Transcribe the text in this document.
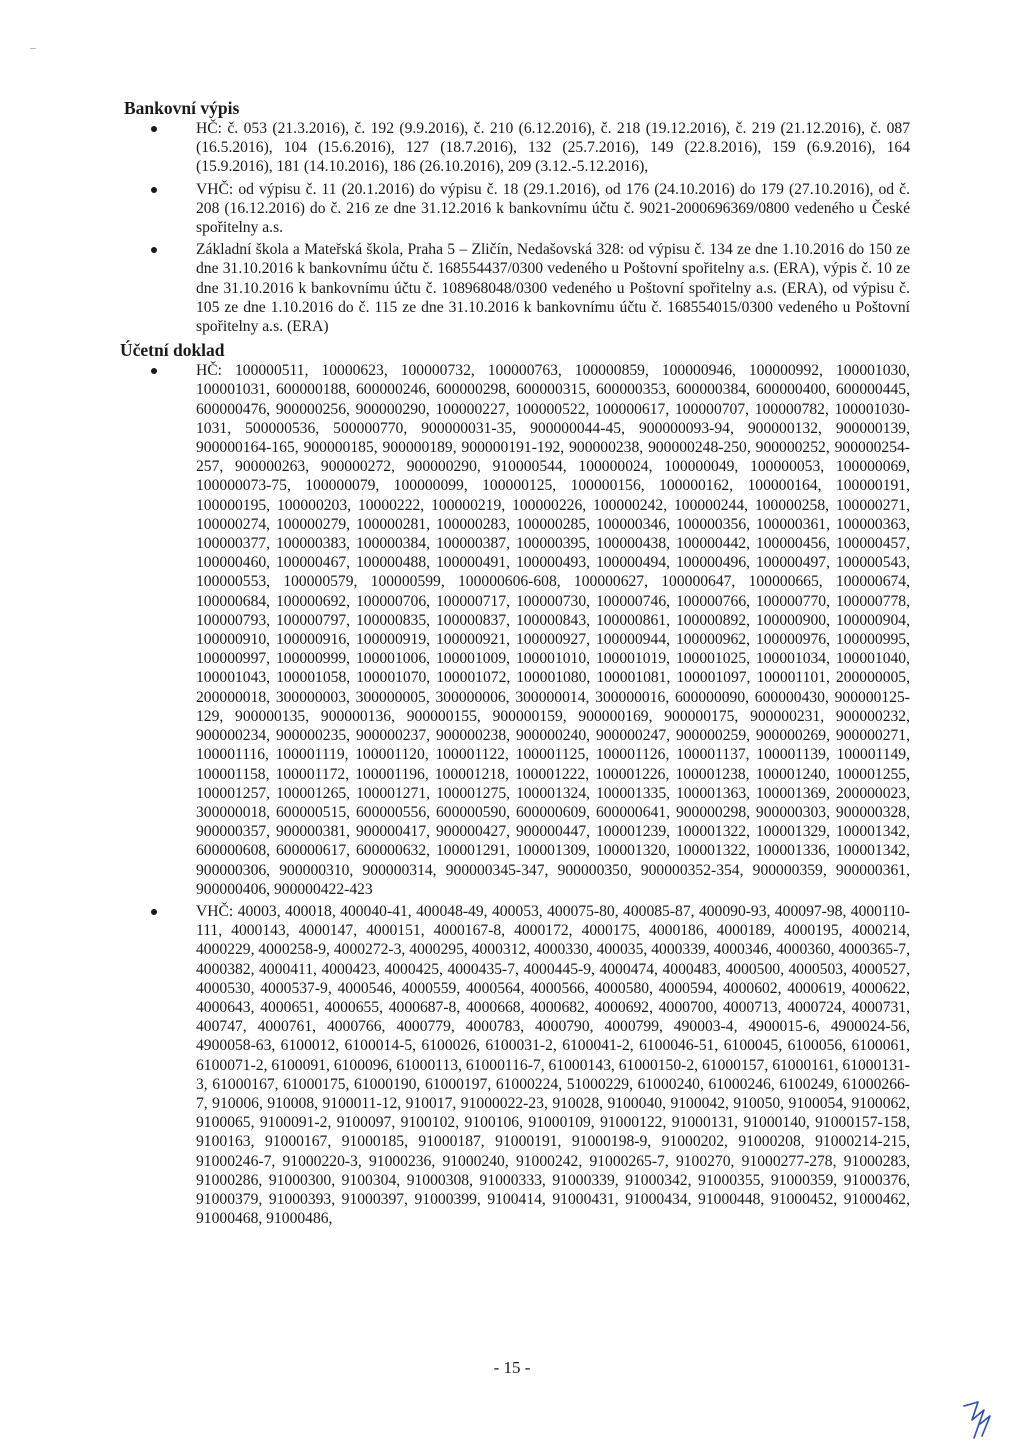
Bankovní výpis
HČ: č. 053 (21.3.2016), č. 192 (9.9.2016), č. 210 (6.12.2016), č. 218 (19.12.2016), č. 219 (21.12.2016), č. 087 (16.5.2016), 104 (15.6.2016), 127 (18.7.2016), 132 (25.7.2016), 149 (22.8.2016), 159 (6.9.2016), 164 (15.9.2016), 181 (14.10.2016), 186 (26.10.2016), 209 (3.12.-5.12.2016),
VHČ: od výpisu č. 11 (20.1.2016) do výpisu č. 18 (29.1.2016), od 176 (24.10.2016) do 179 (27.10.2016), od č. 208 (16.12.2016) do č. 216 ze dne 31.12.2016 k bankovnímu účtu č. 9021-2000696369/0800 vedeného u České spořitelny a.s.
Základní škola a Mateřská škola, Praha 5 – Zličín, Nedašovská 328: od výpisu č. 134 ze dne 1.10.2016 do 150 ze dne 31.10.2016 k bankovnímu účtu č. 168554437/0300 vedeného u Poštovní spořitelny a.s. (ERA), výpis č. 10 ze dne 31.10.2016 k bankovnímu účtu č. 108968048/0300 vedeného u Poštovní spořitelny a.s. (ERA), od výpisu č. 105 ze dne 1.10.2016 do č. 115 ze dne 31.10.2016 k bankovnímu účtu č. 168554015/0300 vedeného u Poštovní spořitelny a.s. (ERA)
Účetní doklad
HČ: 100000511, 10000623, 100000732, 100000763, 100000859, 100000946, 100000992, 100001030, 100001031, 600000188, 600000246, 600000298, 600000315, 600000353, 600000384, 600000400, 600000445, 600000476, 900000256, 900000290, 100000227, 100000522, 100000617, 100000707, 100000782, 100001030-1031, 500000536, 500000770, 900000031-35, 900000044-45, 900000093-94, 900000132, 900000139, 900000164-165, 900000185, 900000189, 900000191-192, 900000238, 900000248-250, 900000252, 900000254-257, 900000263, 900000272, 900000290, 910000544, 100000024, 100000049, 100000053, 100000069, 100000073-75, 100000079, 100000099, 100000125, 100000156, 100000162, 100000164, 100000191, 100000195, 100000203, 10000222, 100000219, 100000226, 100000242, 100000244, 100000258, 100000271, 100000274, 100000279, 100000281, 100000283, 100000285, 100000346, 100000356, 100000361, 100000363, 100000377, 100000383, 100000384, 100000387, 100000395, 100000438, 100000442, 100000456, 100000457, 100000460, 100000467, 100000488, 100000491, 100000493, 100000494, 100000496, 100000497, 100000543, 100000553, 100000579, 100000599, 100000606-608, 100000627, 100000647, 100000665, 100000674, 100000684, 100000692, 100000706, 100000717, 100000730, 100000746, 100000766, 100000770, 100000778, 100000793, 100000797, 100000835, 100000837, 100000843, 100000861, 100000892, 100000900, 100000904, 100000910, 100000916, 100000919, 100000921, 100000927, 100000944, 100000962, 100000976, 100000995, 100000997, 100000999, 100001006, 100001009, 100001010, 100001019, 100001025, 100001034, 100001040, 100001043, 100001058, 100001070, 100001072, 100001080, 100001081, 100001097, 100001101, 200000005, 200000018, 300000003, 300000005, 300000006, 300000014, 300000016, 600000090, 600000430, 900000125-129, 900000135, 900000136, 900000155, 900000159, 900000169, 900000175, 900000231, 900000232, 900000234, 900000235, 900000237, 900000238, 900000240, 900000247, 900000259, 900000269, 900000271, 100001116, 100001119, 100001120, 100001122, 100001125, 100001126, 100001137, 100001139, 100001149, 100001158, 100001172, 100001196, 100001218, 100001222, 100001226, 100001238, 100001240, 100001255, 100001257, 100001265, 100001271, 100001275, 100001324, 100001335, 100001363, 100001369, 200000023, 300000018, 600000515, 600000556, 600000590, 600000609, 600000641, 900000298, 900000303, 900000328, 900000357, 900000381, 900000417, 900000427, 900000447, 100001239, 100001322, 100001329, 100001342, 600000608, 600000617, 600000632, 100001291, 100001309, 100001320, 100001322, 100001336, 100001342, 900000306, 900000310, 900000314, 900000345-347, 900000350, 900000352-354, 900000359, 900000361, 900000406, 900000422-423
VHČ: 40003, 400018, 400040-41, 400048-49, 400053, 400075-80, 400085-87, 400090-93, 400097-98, 4000110-111, 4000143, 4000147, 4000151, 4000167-8, 4000172, 4000175, 4000186, 4000189, 4000195, 4000214, 4000229, 4000258-9, 4000272-3, 4000295, 4000312, 4000330, 400035, 4000339, 4000346, 4000360, 4000365-7, 4000382, 4000411, 4000423, 4000425, 4000435-7, 4000445-9, 4000474, 4000483, 4000500, 4000503, 4000527, 4000530, 4000537-9, 4000546, 4000559, 4000564, 4000566, 4000580, 4000594, 4000602, 4000619, 4000622, 4000643, 4000651, 4000655, 4000687-8, 4000668, 4000682, 4000692, 4000700, 4000713, 4000724, 4000731, 400747, 4000761, 4000766, 4000779, 4000783, 4000790, 4000799, 490003-4, 4900015-6, 4900024-56, 4900058-63, 6100012, 6100014-5, 6100026, 6100031-2, 6100041-2, 6100046-51, 6100045, 6100056, 6100061, 6100071-2, 6100091, 6100096, 61000113, 61000116-7, 61000143, 61000150-2, 61000157, 61000161, 61000131-3, 61000167, 61000175, 61000190, 61000197, 61000224, 51000229, 61000240, 61000246, 6100249, 61000266-7, 910006, 910008, 9100011-12, 910017, 91000022-23, 910028, 9100040, 9100042, 910050, 9100054, 9100062, 9100065, 9100091-2, 9100097, 9100102, 9100106, 91000109, 91000122, 91000131, 91000140, 91000157-158, 9100163, 91000167, 91000185, 91000187, 91000191, 91000198-9, 91000202, 91000208, 91000214-215, 91000246-7, 91000220-3, 91000236, 91000240, 91000242, 91000265-7, 9100270, 91000277-278, 91000283, 91000286, 91000300, 9100304, 91000308, 91000333, 91000339, 91000342, 91000355, 91000359, 91000376, 91000379, 91000393, 91000397, 91000399, 9100414, 91000431, 91000434, 91000448, 91000452, 91000462, 91000468, 91000486,
- 15 -
